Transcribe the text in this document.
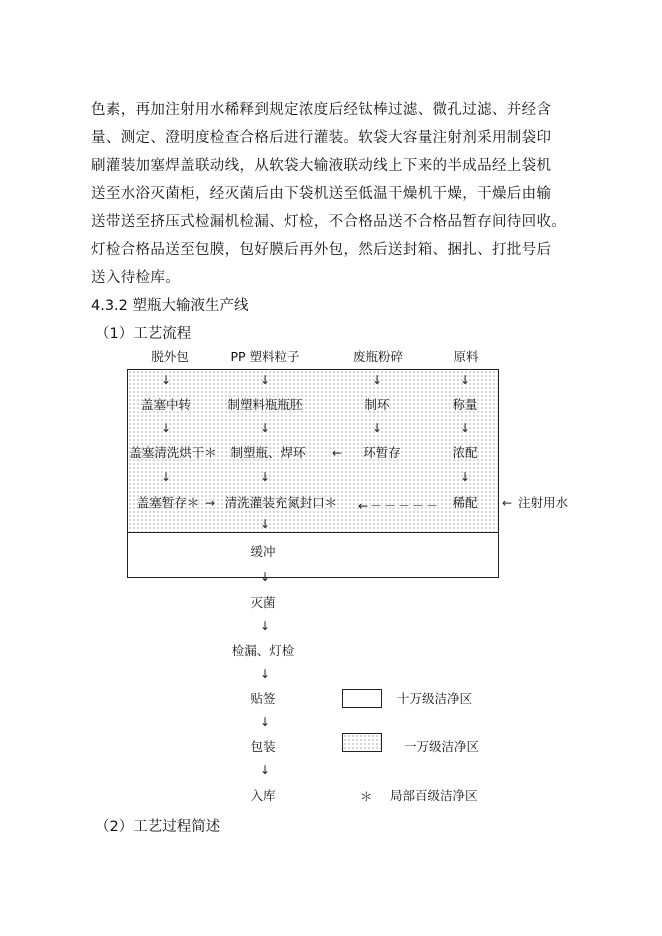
色素，再加注射用水稀释到规定浓度后经钛棒过滤、微孔过滤、并经含
量、测定、澄明度检查合格后进行灌装。软袋大容量注射剂采用制袋印
刷灌装加塞焊盖联动线，从软袋大输液联动线上下来的半成品经上袋机
送至水浴灭菌柜，经灭菌后由下袋机送至低温干燥机干燥，干燥后由输
送带送至挤压式检漏机检漏、灯检，不合格品送不合格品暂存间待回收。
灯检合格品送至包膜，包好膜后再外包，然后送封箱、捆扎、打批号后
送入待检库。
4.3.2 塑瓶大输液生产线
（1）工艺流程
脱外包	PP 塑料粒子	废瓶粉碎	原料
↓	↓	↓	↓
盖塞中转	制塑料瓶瓶胚	制环	称量
↓	↓	↓	↓
盖塞清洗烘干＊ 制塑瓶、焊环 ← 环暂存	浓配
↓	↓	↓
盖塞暂存＊ → 清洗灌装充氮封口＊ ←－－－－－ 稀配 ← 注射用水
↓
缓冲
↓
灭菌
↓
检漏、灯检
↓
贴签
↓
包装
↓
入库
十万级洁净区
一万级洁净区
＊ 局部百级洁净区
（2）工艺过程简述
